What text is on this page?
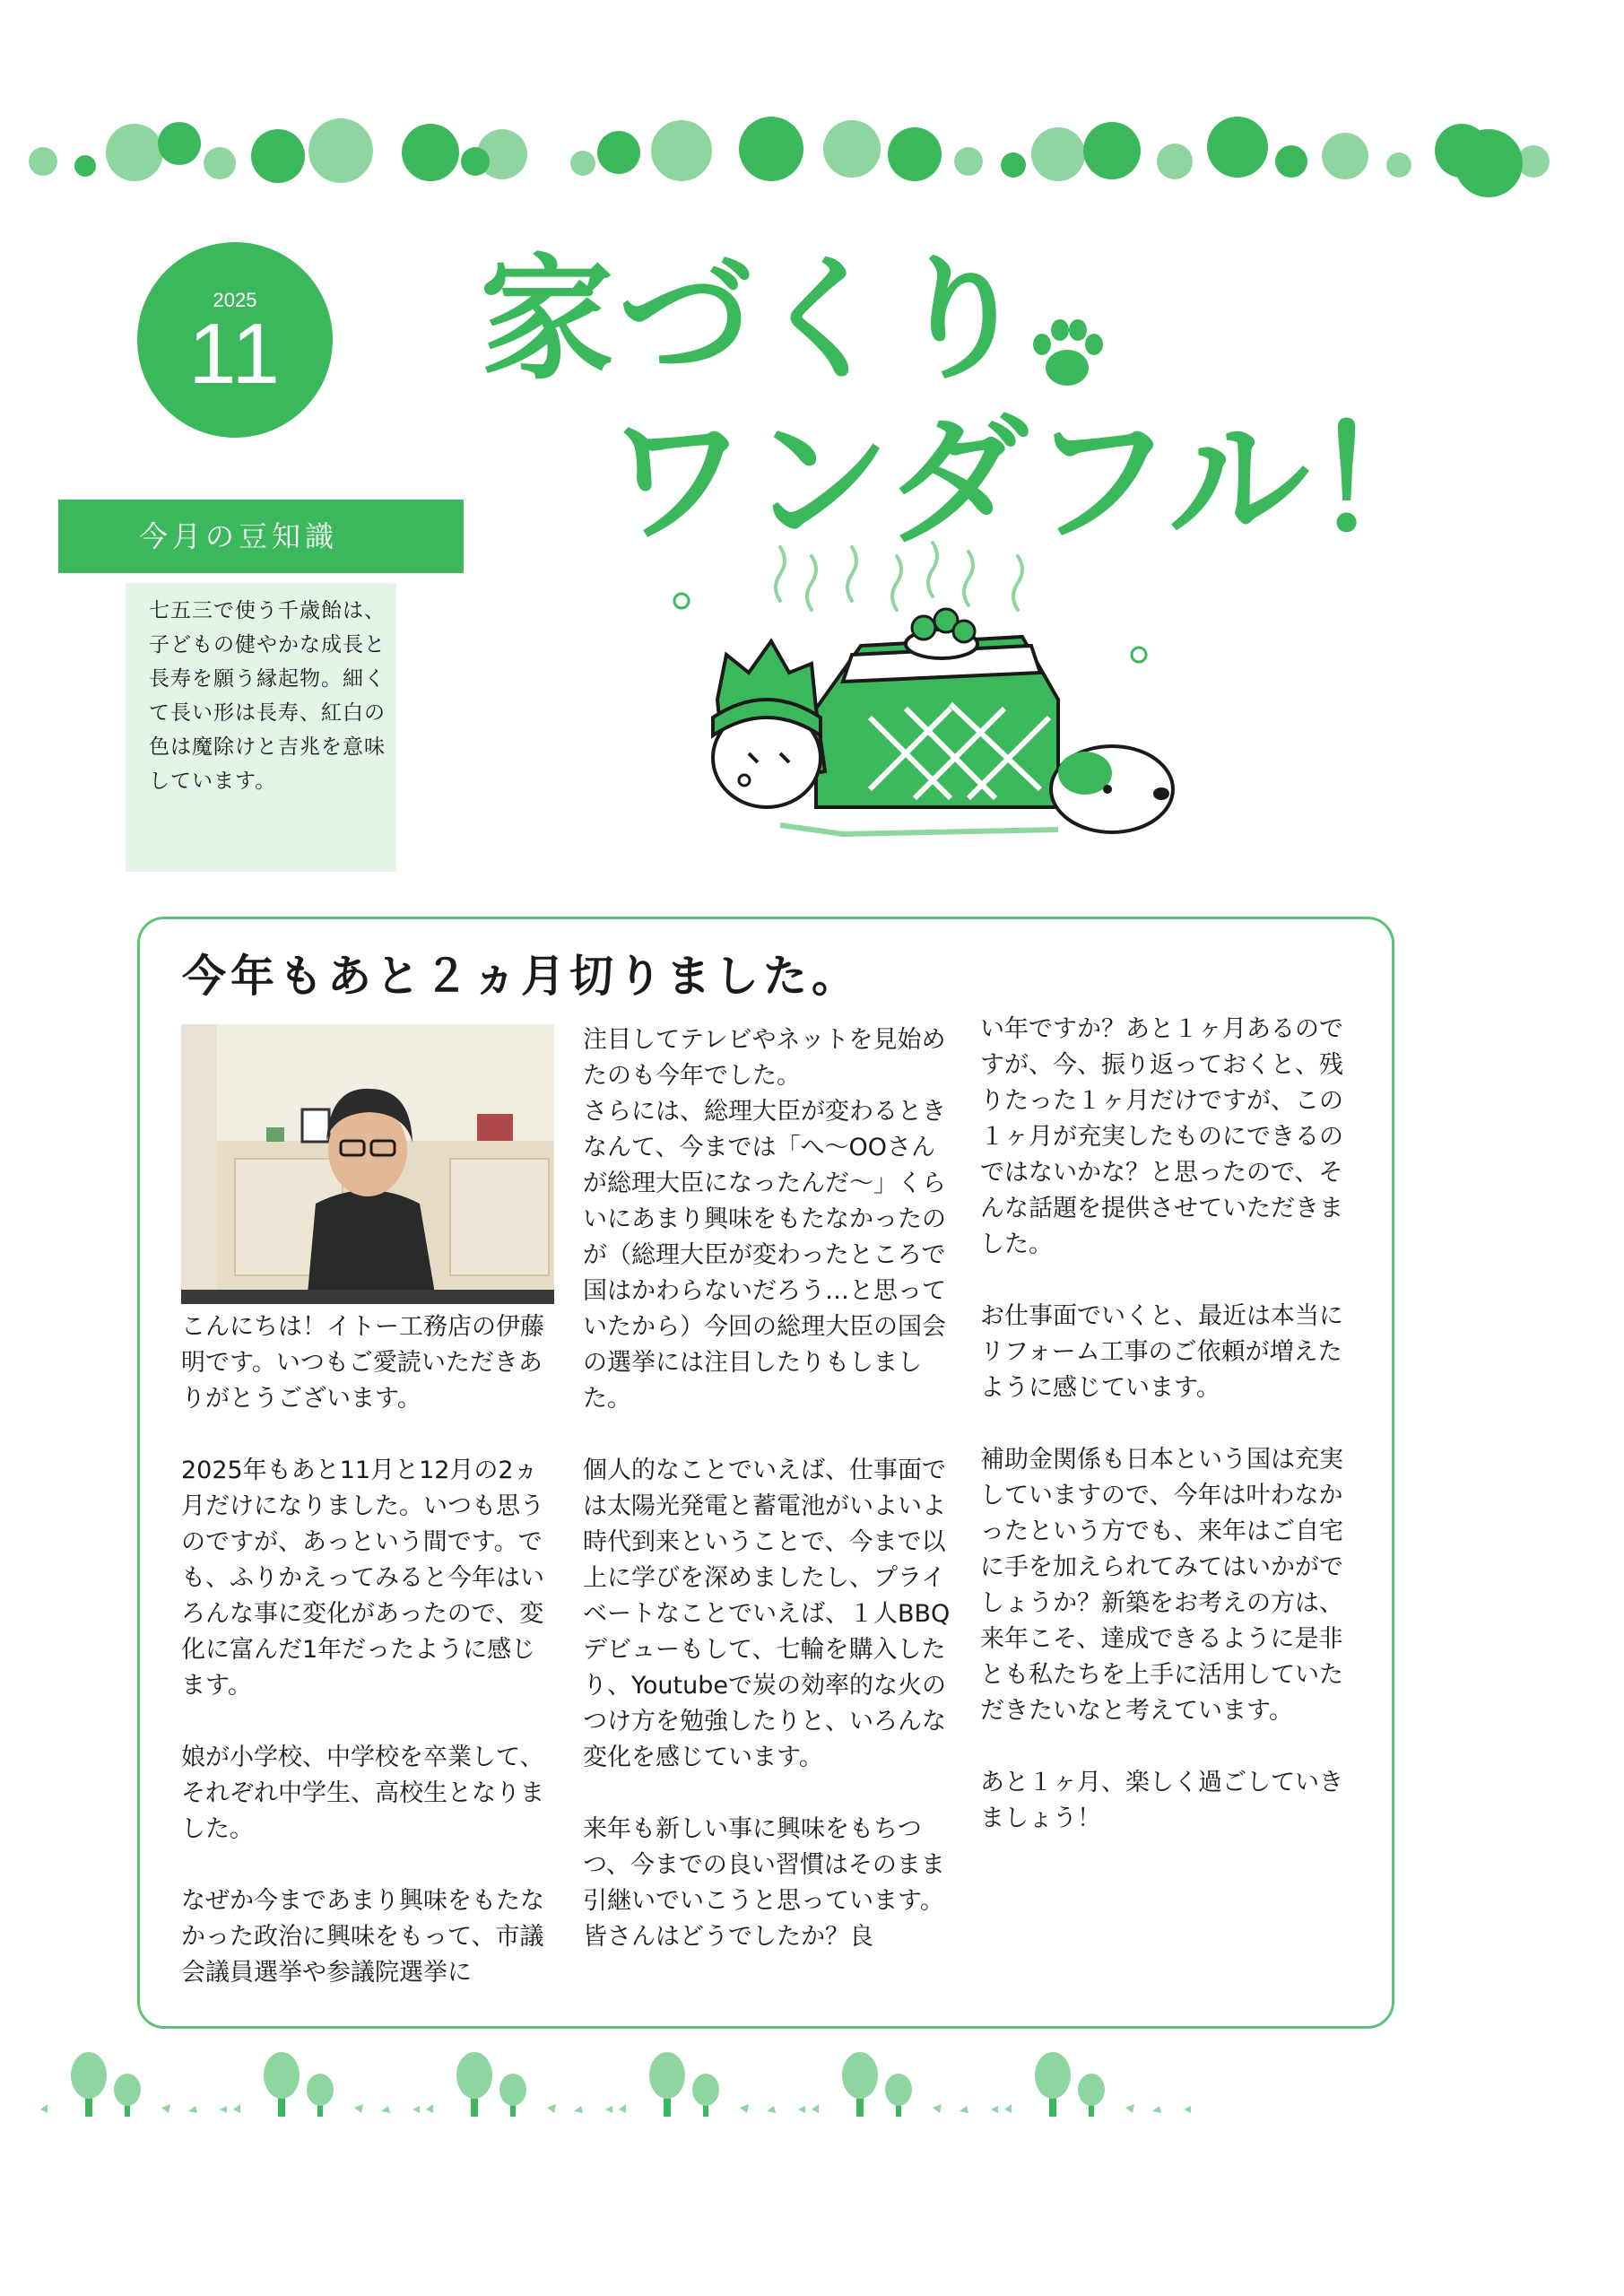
2025
11	家づくり
ワンダフル！
今月の豆知識
七五三で使う千歳飴は、子どもの健やかな成長と長寿を願う縁起物。細くて長い形は長寿、紅白の色は魔除けと吉兆を意味しています。
今年もあと２ヵ月切りました。
こんにちは！イトー工務店の伊藤明です。いつもご愛読いただきありがとうございます。

2025年もあと11月と12月の2ヵ月だけになりました。いつも思うのですが、あっという間です。でも、ふりかえってみると今年はいろんな事に変化があったので、変化に富んだ1年だったように感じます。

娘が小学校、中学校を卒業して、それぞれ中学生、高校生となりました。

なぜか今まであまり興味をもたなかった政治に興味をもって、市議会議員選挙や参議院選挙に
注目してテレビやネットを見始めたのも今年でした。
さらには、総理大臣が変わるときなんて、今までは「へ〜OOさんが総理大臣になったんだ〜」くらいにあまり興味をもたなかったのが（総理大臣が変わったところで国はかわらないだろう…と思っていたから）今回の総理大臣の国会の選挙には注目したりもしました。

個人的なことでいえば、仕事面では太陽光発電と蓄電池がいよいよ時代到来ということで、今まで以上に学びを深めましたし、プライベートなことでいえば、１人BBQデビューもして、七輪を購入したり、Youtubeで炭の効率的な火のつけ方を勉強したりと、いろんな変化を感じています。

来年も新しい事に興味をもちつつ、今までの良い習慣はそのまま引継いでいこうと思っています。皆さんはどうでしたか？良
い年ですか？あと１ヶ月あるのですが、今、振り返っておくと、残りたった１ヶ月だけですが、この１ヶ月が充実したものにできるのではないかな？と思ったので、そんな話題を提供させていただきました。

お仕事面でいくと、最近は本当にリフォーム工事のご依頼が増えたように感じています。

補助金関係も日本という国は充実していますので、今年は叶わなかったという方でも、来年はご自宅に手を加えられてみてはいかがでしょうか？新築をお考えの方は、来年こそ、達成できるように是非とも私たちを上手に活用していただきたいなと考えています。

あと１ヶ月、楽しく過ごしていきましょう！
